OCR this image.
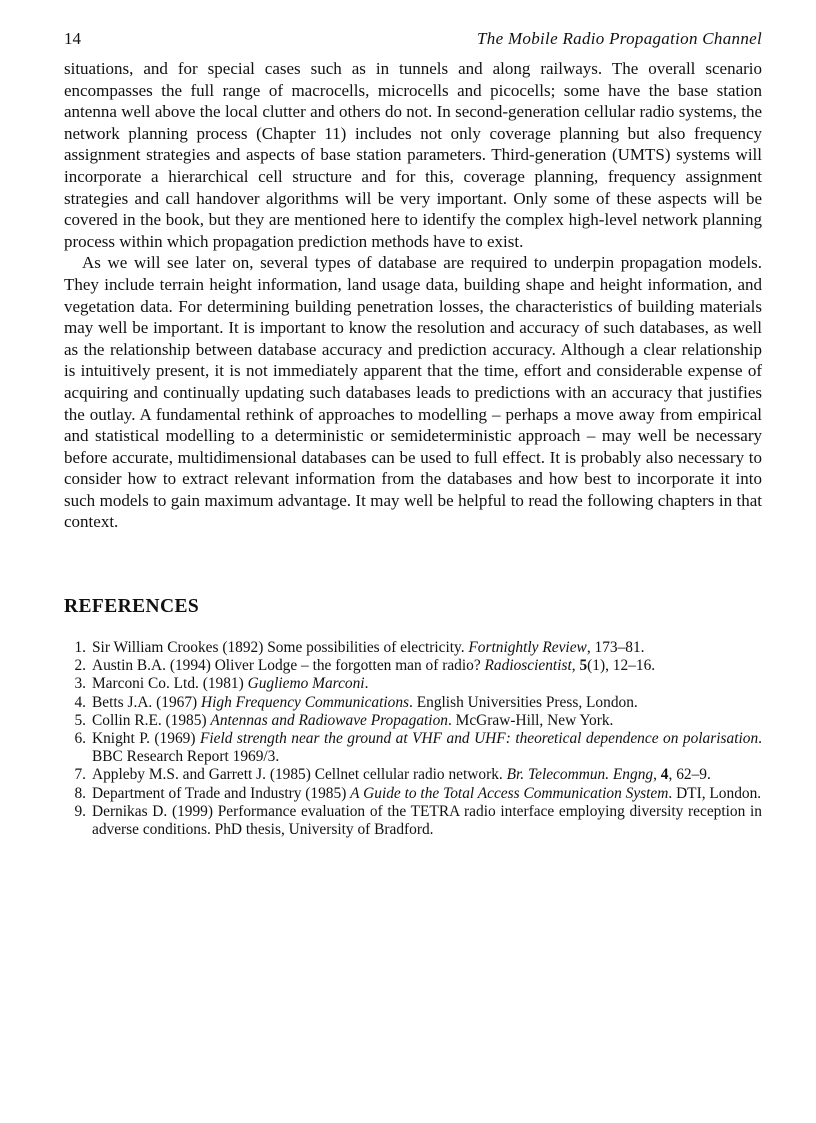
14	The Mobile Radio Propagation Channel

situations, and for special cases such as in tunnels and along railways. The overall scenario encompasses the full range of macrocells, microcells and picocells; some have the base station antenna well above the local clutter and others do not. In second-generation cellular radio systems, the network planning process (Chapter 11) includes not only coverage planning but also frequency assignment strategies and aspects of base station parameters. Third-generation (UMTS) systems will incorporate a hierarchical cell structure and for this, coverage planning, frequency assignment strategies and call handover algorithms will be very important. Only some of these aspects will be covered in the book, but they are mentioned here to identify the complex high-level network planning process within which propagation prediction methods have to exist.

As we will see later on, several types of database are required to underpin propagation models. They include terrain height information, land usage data, building shape and height information, and vegetation data. For determining building penetration losses, the characteristics of building materials may well be important. It is important to know the resolution and accuracy of such databases, as well as the relationship between database accuracy and prediction accuracy. Although a clear relationship is intuitively present, it is not immediately apparent that the time, effort and considerable expense of acquiring and continually updating such databases leads to predictions with an accuracy that justifies the outlay. A fundamental rethink of approaches to modelling – perhaps a move away from empirical and statistical modelling to a deterministic or semideterministic approach – may well be necessary before accurate, multidimensional databases can be used to full effect. It is probably also necessary to consider how to extract relevant information from the databases and how best to incorporate it into such models to gain maximum advantage. It may well be helpful to read the following chapters in that context.

REFERENCES
1. Sir William Crookes (1892) Some possibilities of electricity. Fortnightly Review, 173–81.
2. Austin B.A. (1994) Oliver Lodge – the forgotten man of radio? Radioscientist, 5(1), 12–16.
3. Marconi Co. Ltd. (1981) Gugliemo Marconi.
4. Betts J.A. (1967) High Frequency Communications. English Universities Press, London.
5. Collin R.E. (1985) Antennas and Radiowave Propagation. McGraw-Hill, New York.
6. Knight P. (1969) Field strength near the ground at VHF and UHF: theoretical dependence on polarisation. BBC Research Report 1969/3.
7. Appleby M.S. and Garrett J. (1985) Cellnet cellular radio network. Br. Telecommun. Engng, 4, 62–9.
8. Department of Trade and Industry (1985) A Guide to the Total Access Communication System. DTI, London.
9. Dernikas D. (1999) Performance evaluation of the TETRA radio interface employing diversity reception in adverse conditions. PhD thesis, University of Bradford.
